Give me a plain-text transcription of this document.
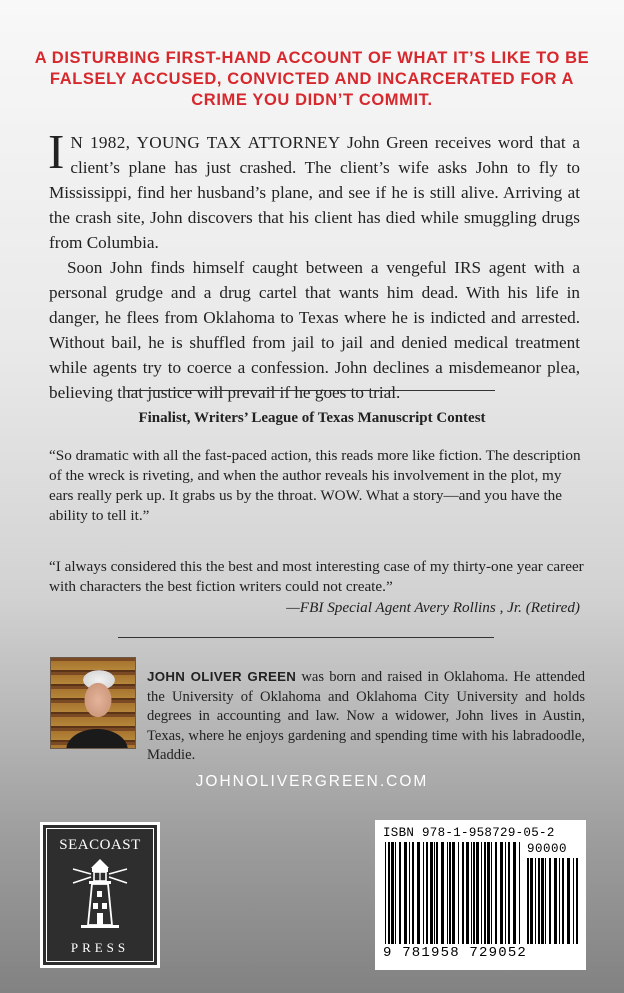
A DISTURBING FIRST-HAND ACCOUNT OF WHAT IT’S LIKE TO BE FALSELY ACCUSED, CONVICTED AND INCARCERATED FOR A CRIME YOU DIDN’T COMMIT.

IN 1982, YOUNG TAX ATTORNEY John Green receives word that a client’s plane has just crashed. The client’s wife asks John to fly to Mississippi, find her husband’s plane, and see if he is still alive. Arriving at the crash site, John discovers that his client has died while smuggling drugs from Columbia.

Soon John finds himself caught between a vengeful IRS agent with a personal grudge and a drug cartel that wants him dead. With his life in danger, he flees from Oklahoma to Texas where he is indicted and arrested. Without bail, he is shuffled from jail to jail and denied medical treatment while agents try to coerce a confession. John declines a misdemeanor plea, believing that justice will prevail if he goes to trial.

Finalist, Writers’ League of Texas Manuscript Contest

“So dramatic with all the fast-paced action, this reads more like fiction. The description of the wreck is riveting, and when the author reveals his involvement in the plot, my ears really perk up. It grabs us by the throat. WOW. What a story—and you have the ability to tell it.”

“I always considered this the best and most interesting case of my thirty-one year career with characters the best fiction writers could not create.”

—FBI Special Agent Avery Rollins , Jr. (Retired)

JOHN OLIVER GREEN was born and raised in Oklahoma. He attended the University of Oklahoma and Oklahoma City University and holds degrees in accounting and law. Now a widower, John lives in Austin, Texas, where he enjoys gardening and spending time with his labradoodle, Maddie.

JOHNOLIVERGREEN.COM

SEACOAST
PRESS

ISBN 978-1-958729-05-2

90000

9 781958 729052
